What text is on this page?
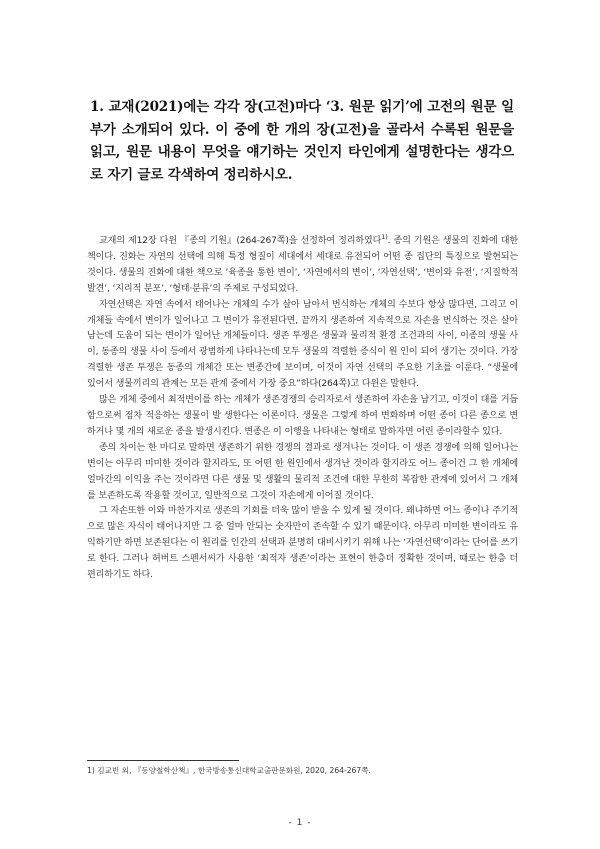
1. 교재(2021)에는 각각 장(고전)마다 ‘3. 원문 읽기’에 고전의 원문 일부가 소개되어 있다. 이 중에 한 개의 장(고전)을 골라서 수록된 원문을 읽고, 원문 내용이 무엇을 얘기하는 것인지 타인에게 설명한다는 생각으로 자기 글로 각색하여 정리하시오.

교재의 제12장 다윈 『종의 기원』(264-267쪽)을 선정하여 정리하였다$^{1)}$. 종의 기원은 생물의 진화에 대한 책이다. 진화는 자연의 선택에 의해 특정 형질이 세대에서 세대로 유전되어 어떤 종 집단의 특징으로 발현되는 것이다. 생물의 진화에 대한 책으로 ‘육종을 통한 변이’, ‘자연에서의 변이’, ‘자연선택’, ‘변이와 유전’, ‘지질학적 발견’, ‘지리적 분포’, ‘형태·분류’의 주제로 구성되었다.

자연선택은 자연 속에서 태어나는 개체의 수가 살아 남아서 번식하는 개체의 수보다 항상 많다면, 그리고 이 개체들 속에서 변이가 일어나고 그 변이가 유전된다면, 끝까지 생존하여 지속적으로 자손을 번식하는 것은 살아남는데 도움이 되는 변이가 일어난 개체들이다. 생존 투쟁은 생물과 물리적 환경 조건과의 사이, 이종의 생물 사이, 동종의 생물 사이 등에서 광범하게 나타나는데 모두 생물의 격렬한 증식이 원 인이 되어 생기는 것이다. 가장 격렬한 생존 투쟁은 동종의 개체간 또는 변종간에 보이며, 이것이 자연 선택의 주요한 기초를 이룬다. “생물에 있어서 생물끼리의 관계는 모든 관계 중에서 가장 중요”하다(264쪽)고 다윈은 말한다.

많은 개체 중에서 최적변이를 하는 개체가 생존경쟁의 승리자로서 생존하여 자손을 남기고, 이것이 대를 거듭함으로써 점차 적응하는 생물이 발 생한다는 이론이다. 생물은 그렇게 하여 변화하며 어떤 종이 다른 종으로 변하거나 몇 개의 새로운 종을 발생시킨다. 변종은 이 이행을 나타내는 형태로 말하자면 어린 종이라할수 있다.

종의 차이는 한 마디로 말하면 생존하기 위한 경쟁의 결과로 생겨나는 것이다. 이 생존 경쟁에 의해 일어나는 변이는 아무리 미미한 것이라 할지라도, 또 어떤 한 원인에서 생겨난 것이라 할지라도 어느 종이건 그 한 개체에 얼마간의 이익을 주는 것이라면 다른 생물 및 생활의 물리적 조건에 대한 무한히 복잡한 관계에 있어서 그 개체를 보존하도록 작용할 것이고, 일반적으로 그것이 자손에게 이어질 것이다.

그 자손또한 이와 마찬가지로 생존의 기회를 더욱 많이 받을 수 있게 될 것이다. 왜냐하면 어느 종이나 주기적으로 많은 자식이 태어나지만 그 중 얼마 안되는 숫자만이 존속할 수 있기 때문이다. 아무리 미미한 변이라도 유익하기만 하면 보존된다는 이 원리를 인간의 선택과 분명히 대비시키기 위해 나는 ‘자연선택’이라는 단어를 쓰기로 한다. 그러나 허버트 스펜서씨가 사용한 ‘최적자 생존’이라는 표현이 한층더 정확한 것이며, 때로는 한층 더 편리하기도 하다.

1) 김교빈 외, 『동양철학산책』, 한국방송통신대학교출판문화원, 2020, 264-267쪽.
- 1 -
